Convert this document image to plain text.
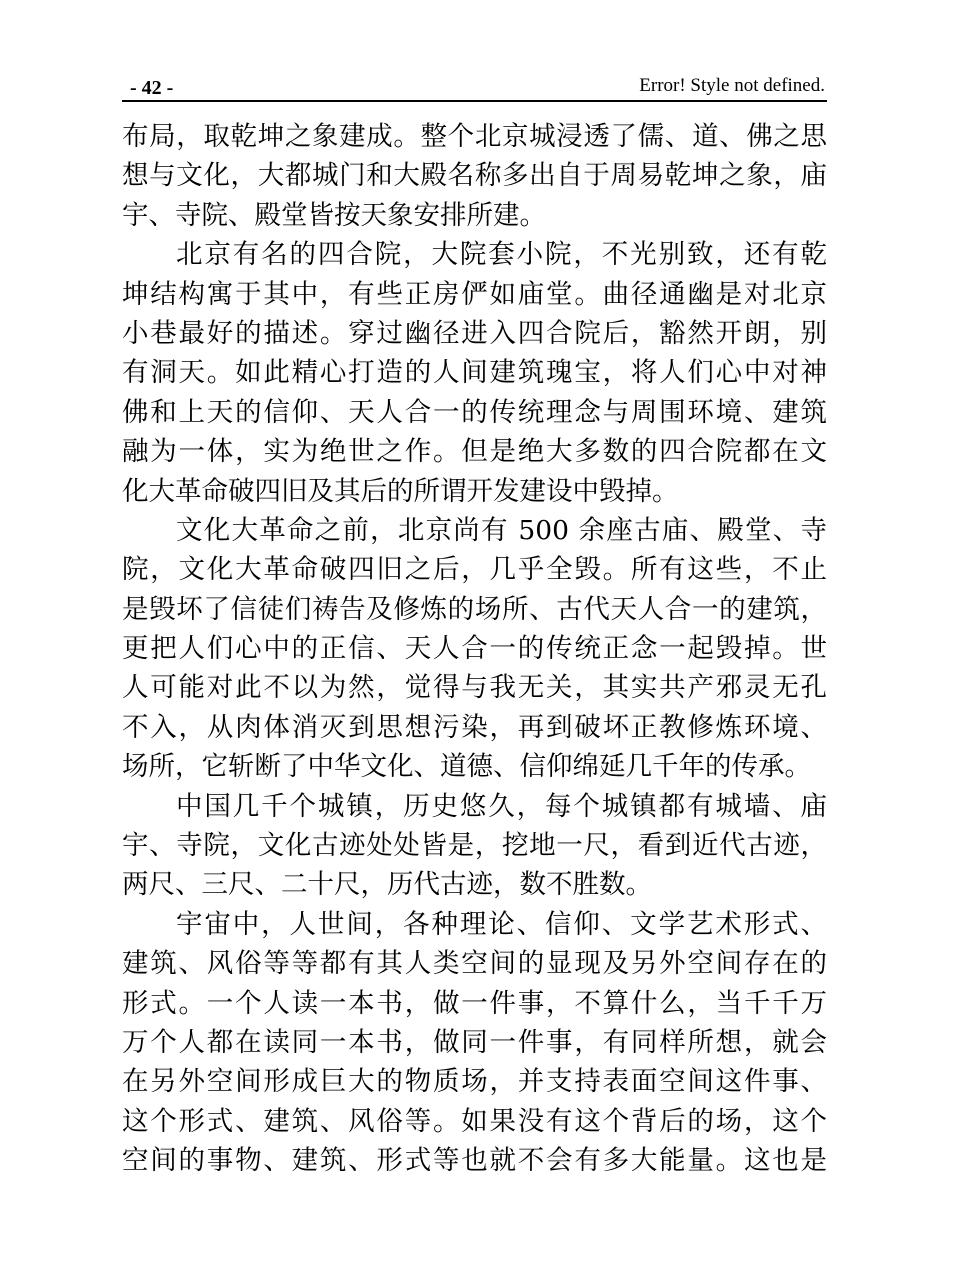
- 42 -	Error! Style not defined.
布局，取乾坤之象建成。整个北京城浸透了儒、道、佛之思
想与文化，大都城门和大殿名称多出自于周易乾坤之象，庙
宇、寺院、殿堂皆按天象安排所建。
北京有名的四合院，大院套小院，不光别致，还有乾
坤结构寓于其中，有些正房俨如庙堂。曲径通幽是对北京
小巷最好的描述。穿过幽径进入四合院后，豁然开朗，别
有洞天。如此精心打造的人间建筑瑰宝，将人们心中对神
佛和上天的信仰、天人合一的传统理念与周围环境、建筑
融为一体，实为绝世之作。但是绝大多数的四合院都在文
化大革命破四旧及其后的所谓开发建设中毁掉。
文化大革命之前，北京尚有 500 余座古庙、殿堂、寺
院，文化大革命破四旧之后，几乎全毁。所有这些，不止
是毁坏了信徒们祷告及修炼的场所、古代天人合一的建筑，
更把人们心中的正信、天人合一的传统正念一起毁掉。世
人可能对此不以为然，觉得与我无关，其实共产邪灵无孔
不入，从肉体消灭到思想污染，再到破坏正教修炼环境、
场所，它斩断了中华文化、道德、信仰绵延几千年的传承。
中国几千个城镇，历史悠久，每个城镇都有城墙、庙
宇、寺院，文化古迹处处皆是，挖地一尺，看到近代古迹，
两尺、三尺、二十尺，历代古迹，数不胜数。
宇宙中，人世间，各种理论、信仰、文学艺术形式、
建筑、风俗等等都有其人类空间的显现及另外空间存在的
形式。一个人读一本书，做一件事，不算什么，当千千万
万个人都在读同一本书，做同一件事，有同样所想，就会
在另外空间形成巨大的物质场，并支持表面空间这件事、
这个形式、建筑、风俗等。如果没有这个背后的场，这个
空间的事物、建筑、形式等也就不会有多大能量。这也是
